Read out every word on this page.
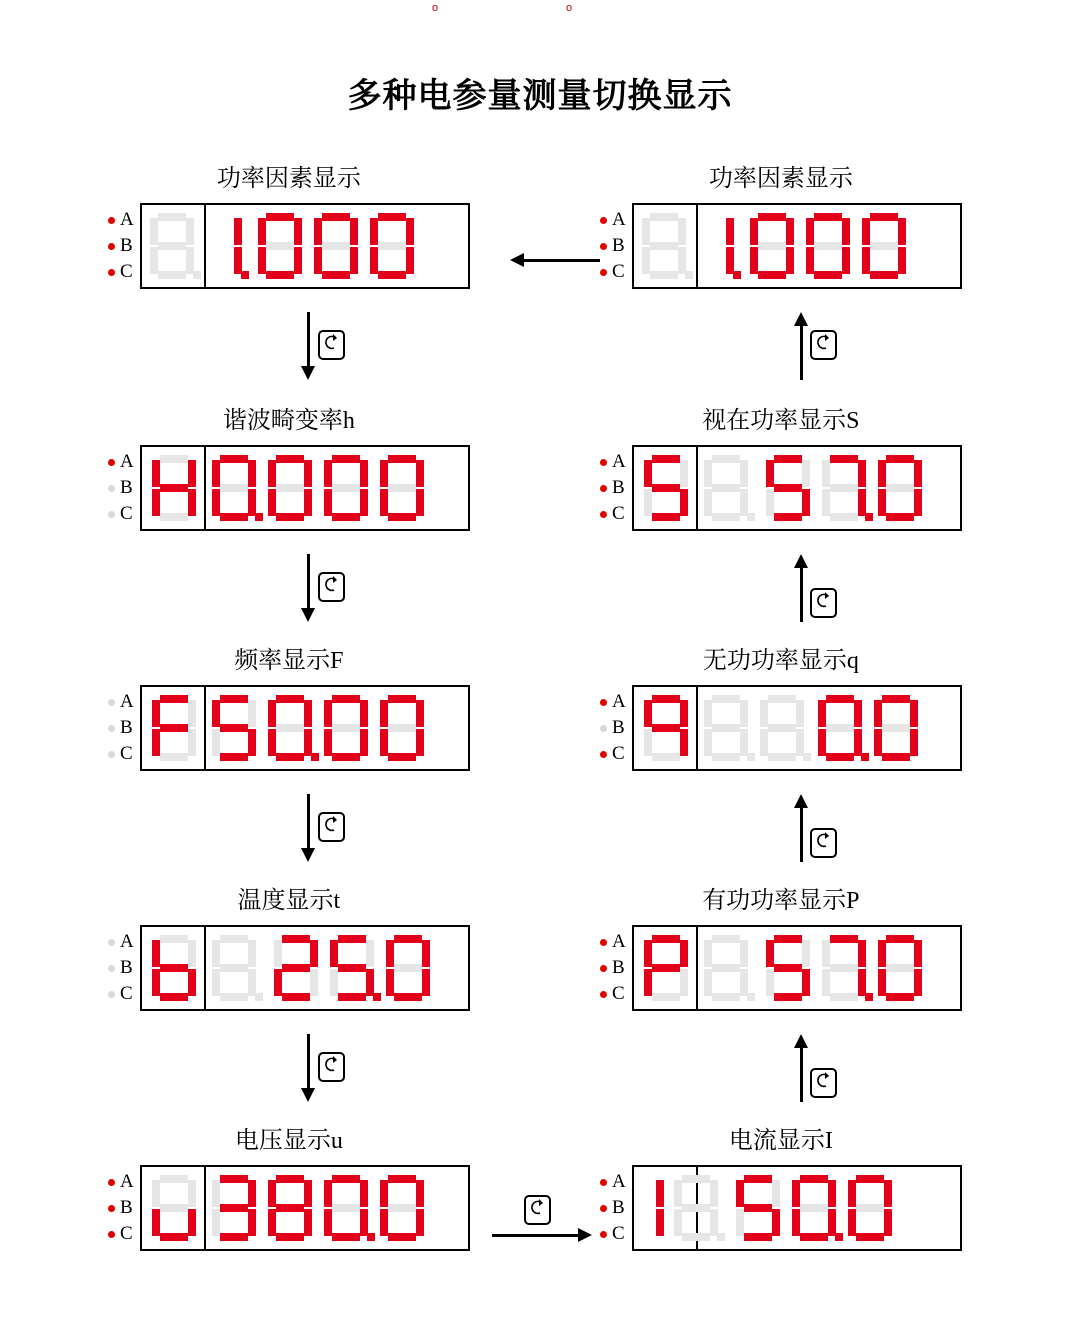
o	o
多种电参量测量切换显示
功率因素显示
A
B
C
谐波畸变率h
A
B
C
频率显示F
A
B
C
温度显示t
A
B
C
电压显示u
A
B
C
功率因素显示
A
B
C
视在功率显示S
A
B
C
无功功率显示q
A
B
C
有功功率显示P
A
B
C
电流显示I
A
B
C
